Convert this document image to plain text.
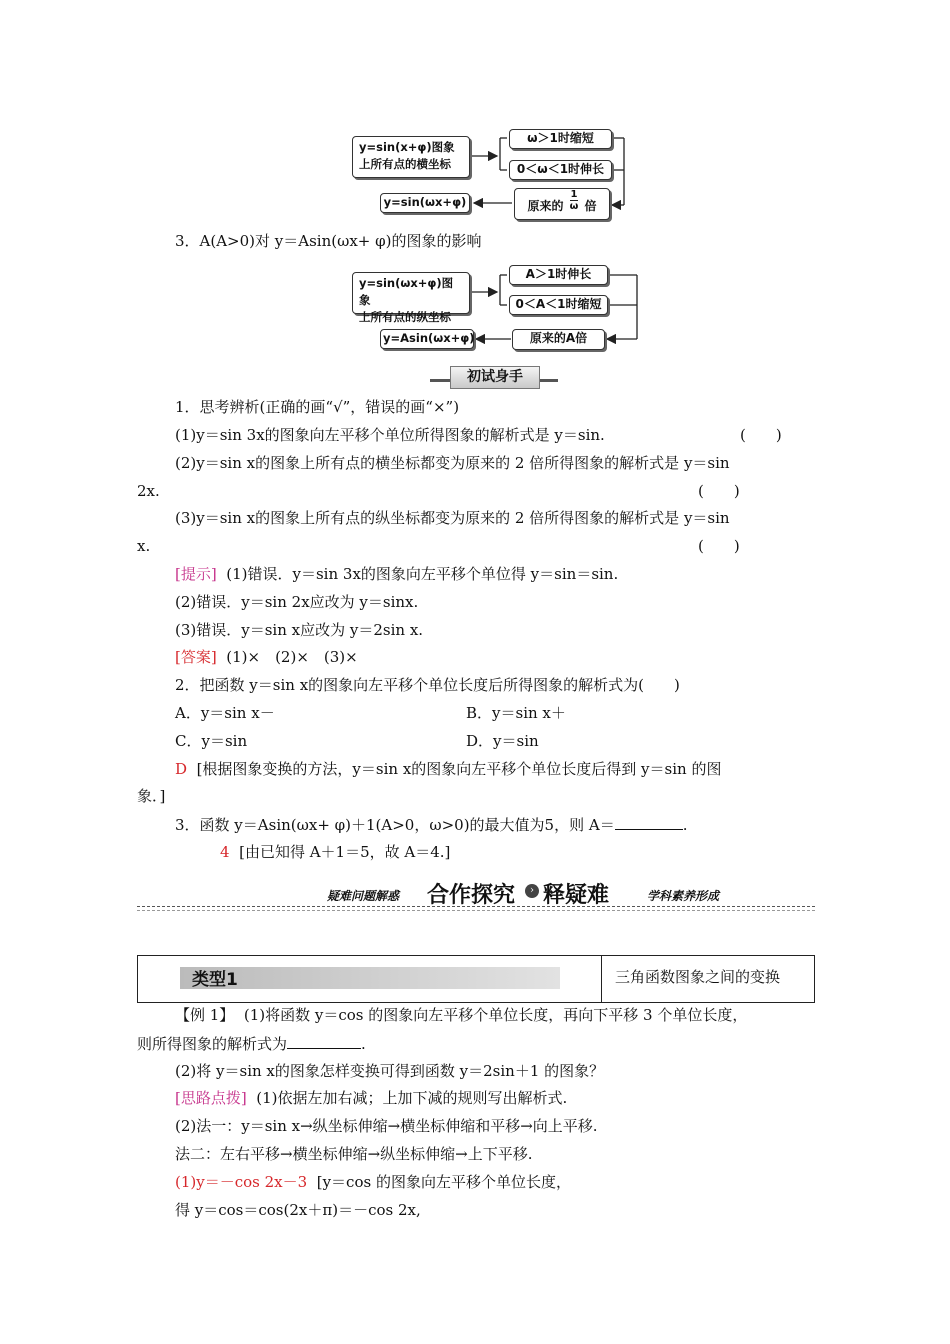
y=sin(x+φ)图象
上所有点的横坐标
ω＞1时缩短
0＜ω＜1时伸长
原来的 $\frac{1}{\omega}$ 倍
y=sin(ωx+φ)
3．A(A>0)对 y＝Asin(ωx+ φ)的图象的影响
y=sin(ωx+φ)图象
上所有点的纵坐标
A＞1时伸长
0＜A＜1时缩短
原来的A倍
y=Asin(ωx+φ)
初试身手
1．思考辨析(正确的画“√”，错误的画“×”)
(1)y＝sin 3x的图象向左平移个单位所得图象的解析式是 y＝sin.	(　　)
(2)y＝sin x的图象上所有点的横坐标都变为原来的 2 倍所得图象的解析式是 y＝sin
2x.	(　　)
(3)y＝sin x的图象上所有点的纵坐标都变为原来的 2 倍所得图象的解析式是 y＝sin
x.	(　　)
[提示] (1)错误．y＝sin 3x的图象向左平移个单位得 y＝sin＝sin.
(2)错误．y＝sin 2x应改为 y＝sinx.
(3)错误．y＝sin x应改为 y＝2sin x.
[答案] (1)×　(2)×　(3)×
2．把函数 y＝sin x的图象向左平移个单位长度后所得图象的解析式为(　　)
A．y＝sin x－	B．y＝sin x＋
C．y＝sin	D．y＝sin
D [根据图象变换的方法，y＝sin x的图象向左平移个单位长度后得到 y＝sin 的图
象．]
3．函数 y＝Asin(ωx+ φ)＋1(A>0，ω>0)的最大值为5，则 A＝	.
4 [由已知得 A＋1＝5，故 A＝4.]
疑难问题解惑 合作探究	› 释疑难	学科素养形成
类型1	三角函数图象之间的变换
【例 1】 (1)将函数 y＝cos 的图象向左平移个单位长度，再向下平移 3 个单位长度，
则所得图象的解析式为	.
(2)将 y＝sin x的图象怎样变换可得到函数 y＝2sin＋1 的图象？
[思路点拨] (1)依据左加右减；上加下减的规则写出解析式.
(2)法一：y＝sin x→纵坐标伸缩→横坐标伸缩和平移→向上平移.
法二：左右平移→横坐标伸缩→纵坐标伸缩→上下平移.
(1)y＝－cos 2x－3 [y＝cos 的图象向左平移个单位长度，
得 y＝cos＝cos(2x＋π)＝－cos 2x,
